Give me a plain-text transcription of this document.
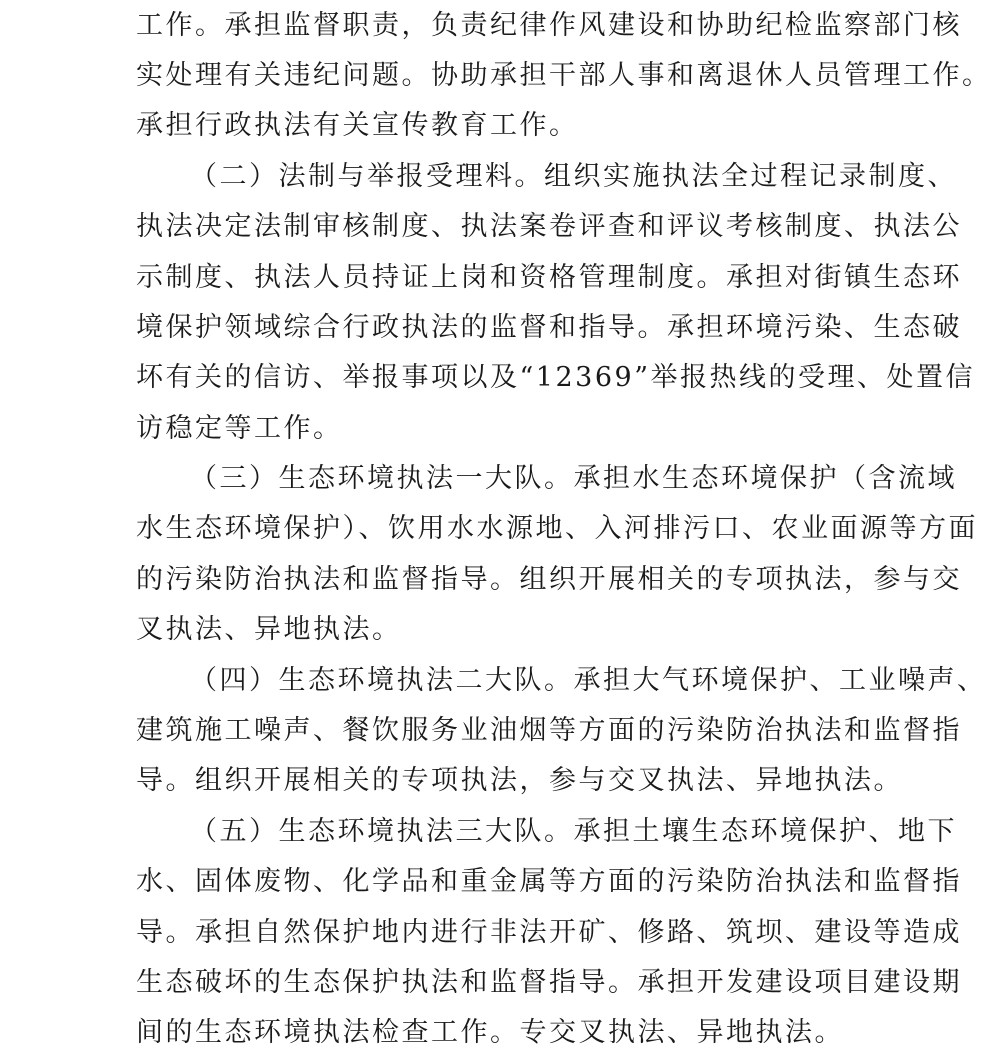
工作。承担监督职责，负责纪律作风建设和协助纪检监察部门核
实处理有关违纪问题。协助承担干部人事和离退休人员管理工作。
承担行政执法有关宣传教育工作。
（二）法制与举报受理料。组织实施执法全过程记录制度、
执法决定法制审核制度、执法案卷评查和评议考核制度、执法公
示制度、执法人员持证上岗和资格管理制度。承担对街镇生态环
境保护领域综合行政执法的监督和指导。承担环境污染、生态破
坏有关的信访、举报事项以及“12369”举报热线的受理、处置信
访稳定等工作。
（三）生态环境执法一大队。承担水生态环境保护（含流域
水生态环境保护）、饮用水水源地、入河排污口、农业面源等方面
的污染防治执法和监督指导。组织开展相关的专项执法，参与交
叉执法、异地执法。
（四）生态环境执法二大队。承担大气环境保护、工业噪声、
建筑施工噪声、餐饮服务业油烟等方面的污染防治执法和监督指
导。组织开展相关的专项执法，参与交叉执法、异地执法。
（五）生态环境执法三大队。承担土壤生态环境保护、地下
水、固体废物、化学品和重金属等方面的污染防治执法和监督指
导。承担自然保护地内进行非法开矿、修路、筑坝、建设等造成
生态破坏的生态保护执法和监督指导。承担开发建设项目建设期
间的生态环境执法检查工作。专交叉执法、异地执法。
